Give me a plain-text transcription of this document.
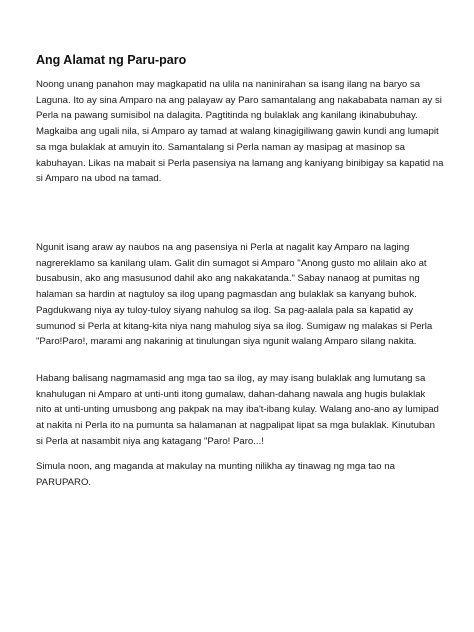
Ang Alamat ng Paru-paro
Noong unang panahon may magkapatid na ulila na naninirahan sa isang ilang na baryo sa
Laguna. Ito ay sina Amparo na ang palayaw ay Paro samantalang ang nakababata naman ay si
Perla na pawang sumisibol na dalagita. Pagtitinda ng bulaklak ang kanilang ikinabubuhay.
Magkaiba ang ugali nila, si Amparo ay tamad at walang kinagigiliwang gawin kundi ang lumapit
sa mga bulaklak at amuyin ito. Samantalang si Perla naman ay masipag at masinop sa
kabuhayan. Likas na mabait si Perla pasensiya na lamang ang kaniyang binibigay sa kapatid na
si Amparo na ubod na tamad.
Ngunit isang araw ay naubos na ang pasensiya ni Perla at nagalit kay Amparo na laging
nagrereklamo sa kanilang ulam. Galit din sumagot si Amparo "Anong gusto mo alilain ako at
busabusin, ako ang masusunod dahil ako ang nakakatanda." Sabay nanaog at pumitas ng
halaman sa hardin at nagtuloy sa ilog upang pagmasdan ang bulaklak sa kanyang buhok.
Pagdukwang niya ay tuloy-tuloy siyang nahulog sa ilog. Sa pag-aalala pala sa kapatid ay
sumunod si Perla at kitang-kita niya nang mahulog siya sa ilog. Sumigaw ng malakas si Perla
"Paro!Paro!, marami ang nakarinig at tinulungan siya ngunit walang Amparo silang nakita.
Habang balisang nagmamasid ang mga tao sa ilog, ay may isang bulaklak ang lumutang sa
knahulugan ni Amparo at unti-unti itong gumalaw, dahan-dahang nawala ang hugis bulaklak
nito at unti-unting umusbong ang pakpak na may iba't-ibang kulay. Walang ano-ano ay lumipad
at nakita ni Perla ito na pumunta sa halamanan at nagpalipat lipat sa mga bulaklak. Kinutuban
si Perla at nasambit niya ang katagang "Paro! Paro...!
Simula noon, ang maganda at makulay na munting nilikha ay tinawag ng mga tao na
PARUPARO.
